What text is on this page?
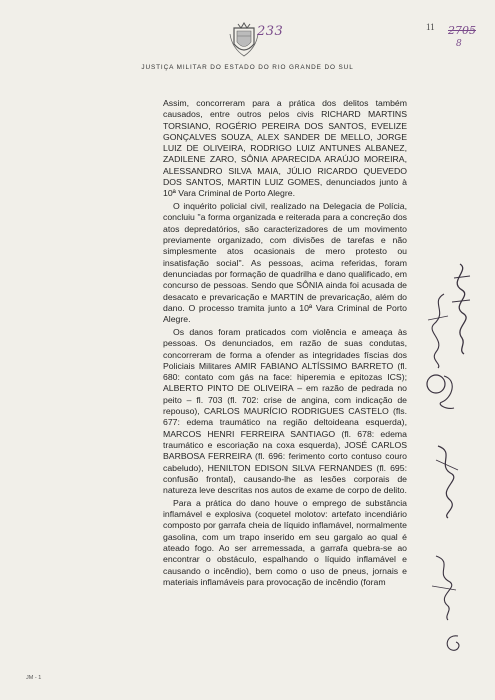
233	11 2705
8
JUSTIÇA MILITAR DO ESTADO DO RIO GRANDE DO SUL

Assim, concorreram para a prática dos delitos também causados, entre outros pelos civis RICHARD MARTINS TORSIANO, ROGÉRIO PEREIRA DOS SANTOS, EVELIZE GONÇALVES SOUZA, ALEX SANDER DE MELLO, JORGE LUIZ DE OLIVEIRA, RODRIGO LUIZ ANTUNES ALBANEZ, ZADILENE ZARO, SÔNIA APARECIDA ARAÚJO MOREIRA, ALESSANDRO SILVA MAIA, JÚLIO RICARDO QUEVEDO DOS SANTOS, MARTIN LUIZ GOMES, denunciados junto à 10ª Vara Criminal de Porto Alegre.

O inquérito policial civil, realizado na Delegacia de Polícia, concluiu "a forma organizada e reiterada para a concreção dos atos depredatórios, são caracterizadores de um movimento previamente organizado, com divisões de tarefas e não simplesmente atos ocasionais de mero protesto ou insatisfação social". As pessoas, acima referidas, foram denunciadas por formação de quadrilha e dano qualificado, em concurso de pessoas. Sendo que SÔNIA ainda foi acusada de desacato e prevaricação e MARTIN de prevaricação, além do dano. O processo tramita junto a 10ª Vara Criminal de Porto Alegre.

Os danos foram praticados com violência e ameaça às pessoas. Os denunciados, em razão de suas condutas, concorreram de forma a ofender as integridades físcias dos Policiais Militares AMIR FABIANO ALTÍSSIMO BARRETO (fl. 680: contato com gás na face: hiperemia e epitozas ICS); ALBERTO PINTO DE OLIVEIRA – em razão de pedrada no peito – fl. 703 (fl. 702: crise de angina, com indicação de repouso), CARLOS MAURÍCIO RODRIGUES CASTELO (fls. 677: edema traumático na região deltoideana esquerda), MARCOS HENRI FERREIRA SANTIAGO (fl. 678: edema traumático e escoriação na coxa esquerda), JOSÉ CARLOS BARBOSA FERREIRA (fl. 696: ferimento corto contuso couro cabeludo), HENILTON EDISON SILVA FERNANDES (fl. 695: confusão frontal), causando-lhe as lesões corporais de natureza leve descritas nos autos de exame de corpo de delito.

Para a prática do dano houve o emprego de substância inflamável e explosiva (coquetel molotov: artefato incendiário composto por garrafa cheia de líquido inflamável, normalmente gasolina, com um trapo inserido em seu gargalo ao qual é ateado fogo. Ao ser arremessada, a garrafa quebra-se ao encontrar o obstáculo, espalhando o líquido inflamável e causando o incêndio), bem como o uso de pneus, jornais e materiais inflamáveis para provocação de incêndio (foram

JM - 1
